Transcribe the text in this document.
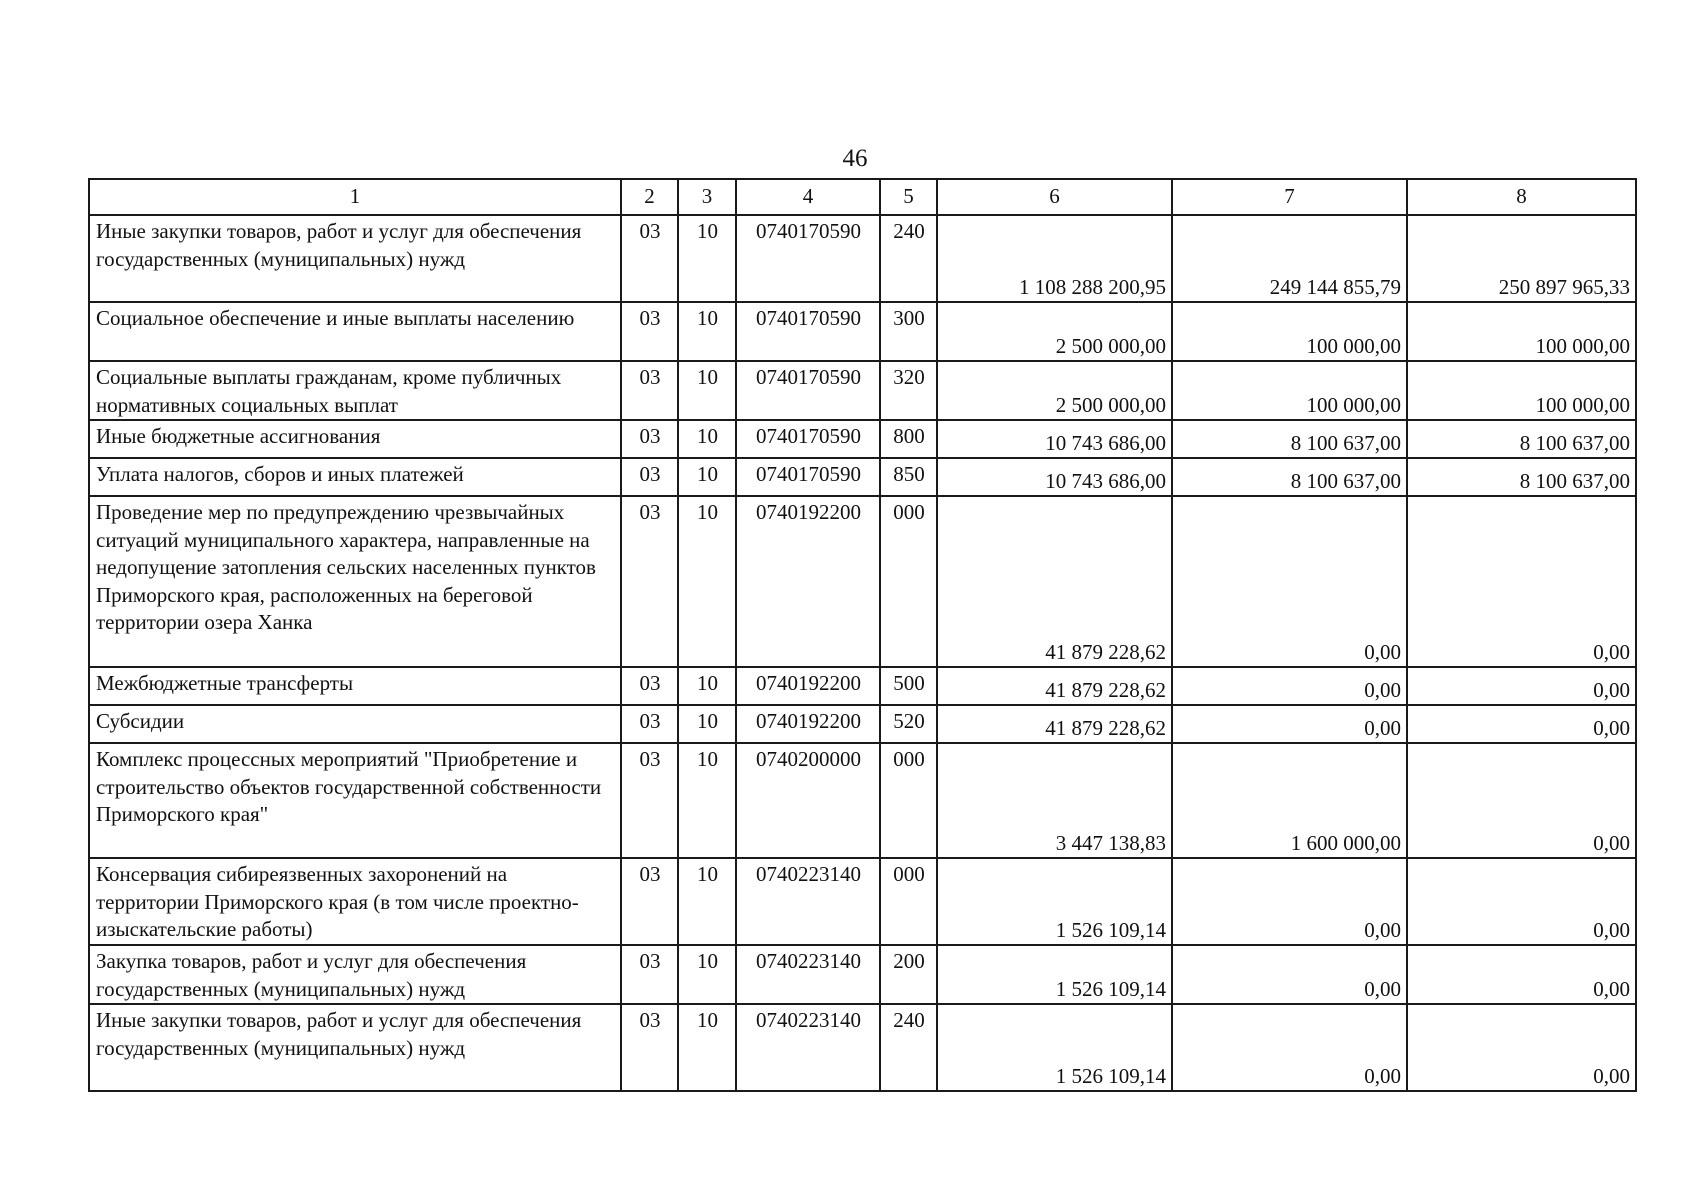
46
1	2	3	4	5	6	7	8
Иные закупки товаров, работ и услуг для обеспечения государственных (муниципальных) нужд	03	10	0740170590	240	1 108 288 200,95	249 144 855,79	250 897 965,33
Социальное обеспечение и иные выплаты населению	03	10	0740170590	300	2 500 000,00	100 000,00	100 000,00
Социальные выплаты гражданам, кроме публичных нормативных социальных выплат	03	10	0740170590	320	2 500 000,00	100 000,00	100 000,00
Иные бюджетные ассигнования	03	10	0740170590	800	10 743 686,00	8 100 637,00	8 100 637,00
Уплата налогов, сборов и иных платежей	03	10	0740170590	850	10 743 686,00	8 100 637,00	8 100 637,00
Проведение мер по предупреждению чрезвычайных ситуаций муниципального характера, направленные на недопущение затопления сельских населенных пунктов Приморского края, расположенных на береговой территории озера Ханка	03	10	0740192200	000	41 879 228,62	0,00	0,00
Межбюджетные трансферты	03	10	0740192200	500	41 879 228,62	0,00	0,00
Субсидии	03	10	0740192200	520	41 879 228,62	0,00	0,00
Комплекс процессных мероприятий "Приобретение и строительство объектов государственной собственности Приморского края"	03	10	0740200000	000	3 447 138,83	1 600 000,00	0,00
Консервация сибиреязвенных захоронений на территории Приморского края (в том числе проектно-изыскательские работы)	03	10	0740223140	000	1 526 109,14	0,00	0,00
Закупка товаров, работ и услуг для обеспечения государственных (муниципальных) нужд	03	10	0740223140	200	1 526 109,14	0,00	0,00
Иные закупки товаров, работ и услуг для обеспечения государственных (муниципальных) нужд	03	10	0740223140	240	1 526 109,14	0,00	0,00
